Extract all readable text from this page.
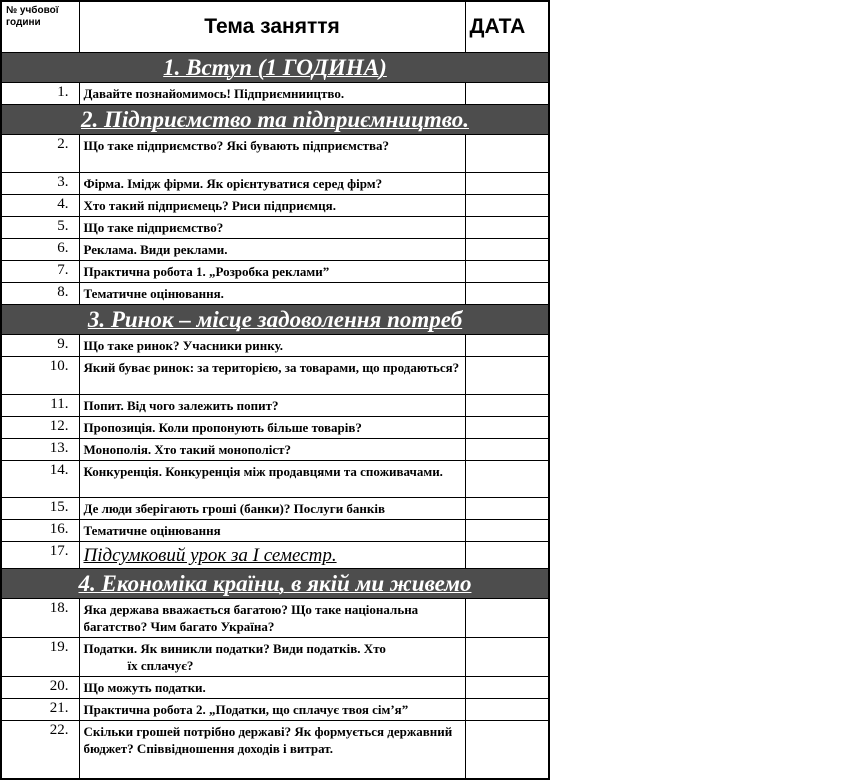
№ учбової години	Тема заняття	ДАТА
1. Вступ (1 ГОДИНА)		
1.	Давайте познайомимось! Підприємниицтво.	
2. Підприємство та підприємництво.		
2.	Що таке підприємство? Які бувають підприємства?	
3.	Фірма. Імідж фірми. Як орієнтуватися серед фірм?	
4.	Хто такий підприємець? Риси підприємця.	
5.	Що таке підприємство?	
6.	Реклама. Види реклами.	
7.	Практична робота 1. „Розробка реклами”	
8.	Тематичне оцінювання.	
3. Ринок – місце задоволення потреб		
9.	Що таке ринок? Учасники ринку.	
10.	Який буває ринок: за територією, за товарами, що продаються?	
11.	Попит. Від чого залежить попит?	
12.	Пропозиція. Коли пропонують більше товарів?	
13.	Монополія. Хто такий монополіст?	
14.	Конкуренція. Конкуренція між продавцями та споживачами.	
15.	Де люди зберігають гроші (банки)? Послуги банків	
16.	Тематичне оцінювання	
17.	Підсумковий урок за І семестр.	
4. Економіка країни, в якій ми живемо		
18.	Яка держава вважається багатою? Що таке національна багатство? Чим багато Україна?	
19.	Податки. Як виникли податки? Види податків. Хто
їх сплачує?	
20.	Що можуть податки.	
21.	Практична робота 2. „Податки, що сплачує твоя сім’я”	
22.	Скільки грошей потрібно державі? Як формується державний бюджет? Співвідношення доходів і витрат.	
